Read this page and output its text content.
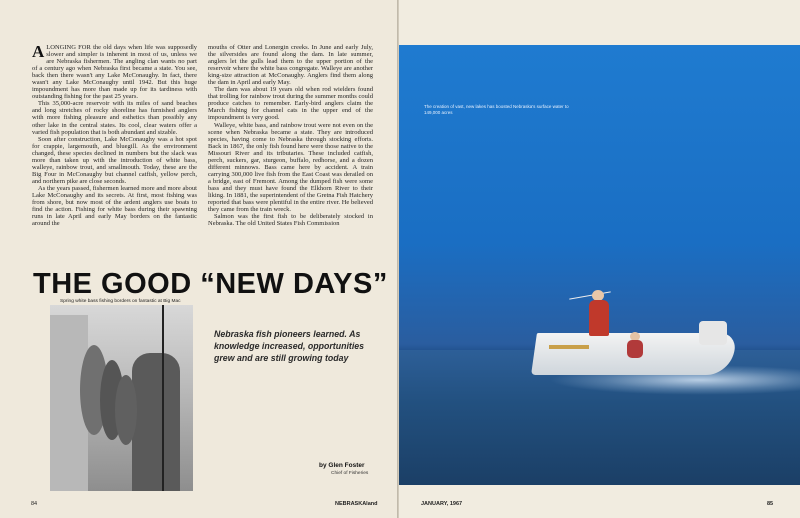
ALONGING FOR the old days when life was supposedly slower and simpler is inherent in most of us, unless we are Nebraska fishermen. The angling clan wants no part of a century ago when Nebraska first became a state. You see, back then there wasn't any Lake McConaughy. In fact, there wasn't any Lake McConaughy until 1942. But this huge impoundment has more than made up for its tardiness with outstanding fishing for the past 25 years.

This 35,000-acre reservoir with its miles of sand beaches and long stretches of rocky shoreline has furnished anglers with more fishing pleasure and esthetics than possibly any other lake in the central states. Its cool, clear waters offer a varied fish population that is both abundant and sizable.

Soon after construction, Lake McConaughy was a hot spot for crappie, largemouth, and bluegill. As the environment changed, these species declined in numbers but the slack was more than taken up with the introduction of white bass, walleye, rainbow trout, and smallmouth. Today, these are the Big Four in McConaughy but channel catfish, yellow perch, and northern pike are close seconds.

As the years passed, fishermen learned more and more about Lake McConaughy and its secrets. At first, most fishing was from shore, but now most of the ardent anglers use boats to find the action. Fishing for white bass during their spawning runs in late April and early May borders on the fantastic around the

mouths of Otter and Lonergin creeks. In June and early July, the silversides are found along the dam. In late summer, anglers let the gulls lead them to the upper portion of the reservoir where the white bass congregate. Walleye are another king-size attraction at McConaughy. Anglers find them along the dam in April and early May.

The dam was about 19 years old when rod wielders found that trolling for rainbow trout during the summer months could produce catches to remember. Early-bird anglers claim the March fishing for channel cats in the upper end of the impoundment is very good.

Walleye, white bass, and rainbow trout were not even on the scene when Nebraska became a state. They are introduced species, having come to Nebraska through stocking efforts. Back in 1867, the only fish found here were those native to the Missouri River and its tributaries. These included catfish, perch, suckers, gar, sturgeon, buffalo, redhorse, and a dozen different minnows. Bass came here by accident. A train carrying 300,000 live fish from the East Coast was derailed on a bridge, east of Fremont. Among the dumped fish were some bass and they must have found the Elkhorn River to their liking. In 1881, the superintendent of the Gretna Fish Hatchery reported that bass were plentiful in the entire river. He believed they came from the train wreck.

Salmon was the first fish to be deliberately stocked in Nebraska. The old United States Fish Commission

THE GOOD “NEW DAYS”
Spring white bass fishing borders on fantastic at Big Mac
Nebraska fish pioneers learned. As knowledge increased, opportunities grew and are still growing today
by Glen Foster
Chief of Fisheries
84	NEBRASKAland
The creation of vast, new lakes has boosted Nebraska's surface water to 149,000 acres
JANUARY, 1967	85
